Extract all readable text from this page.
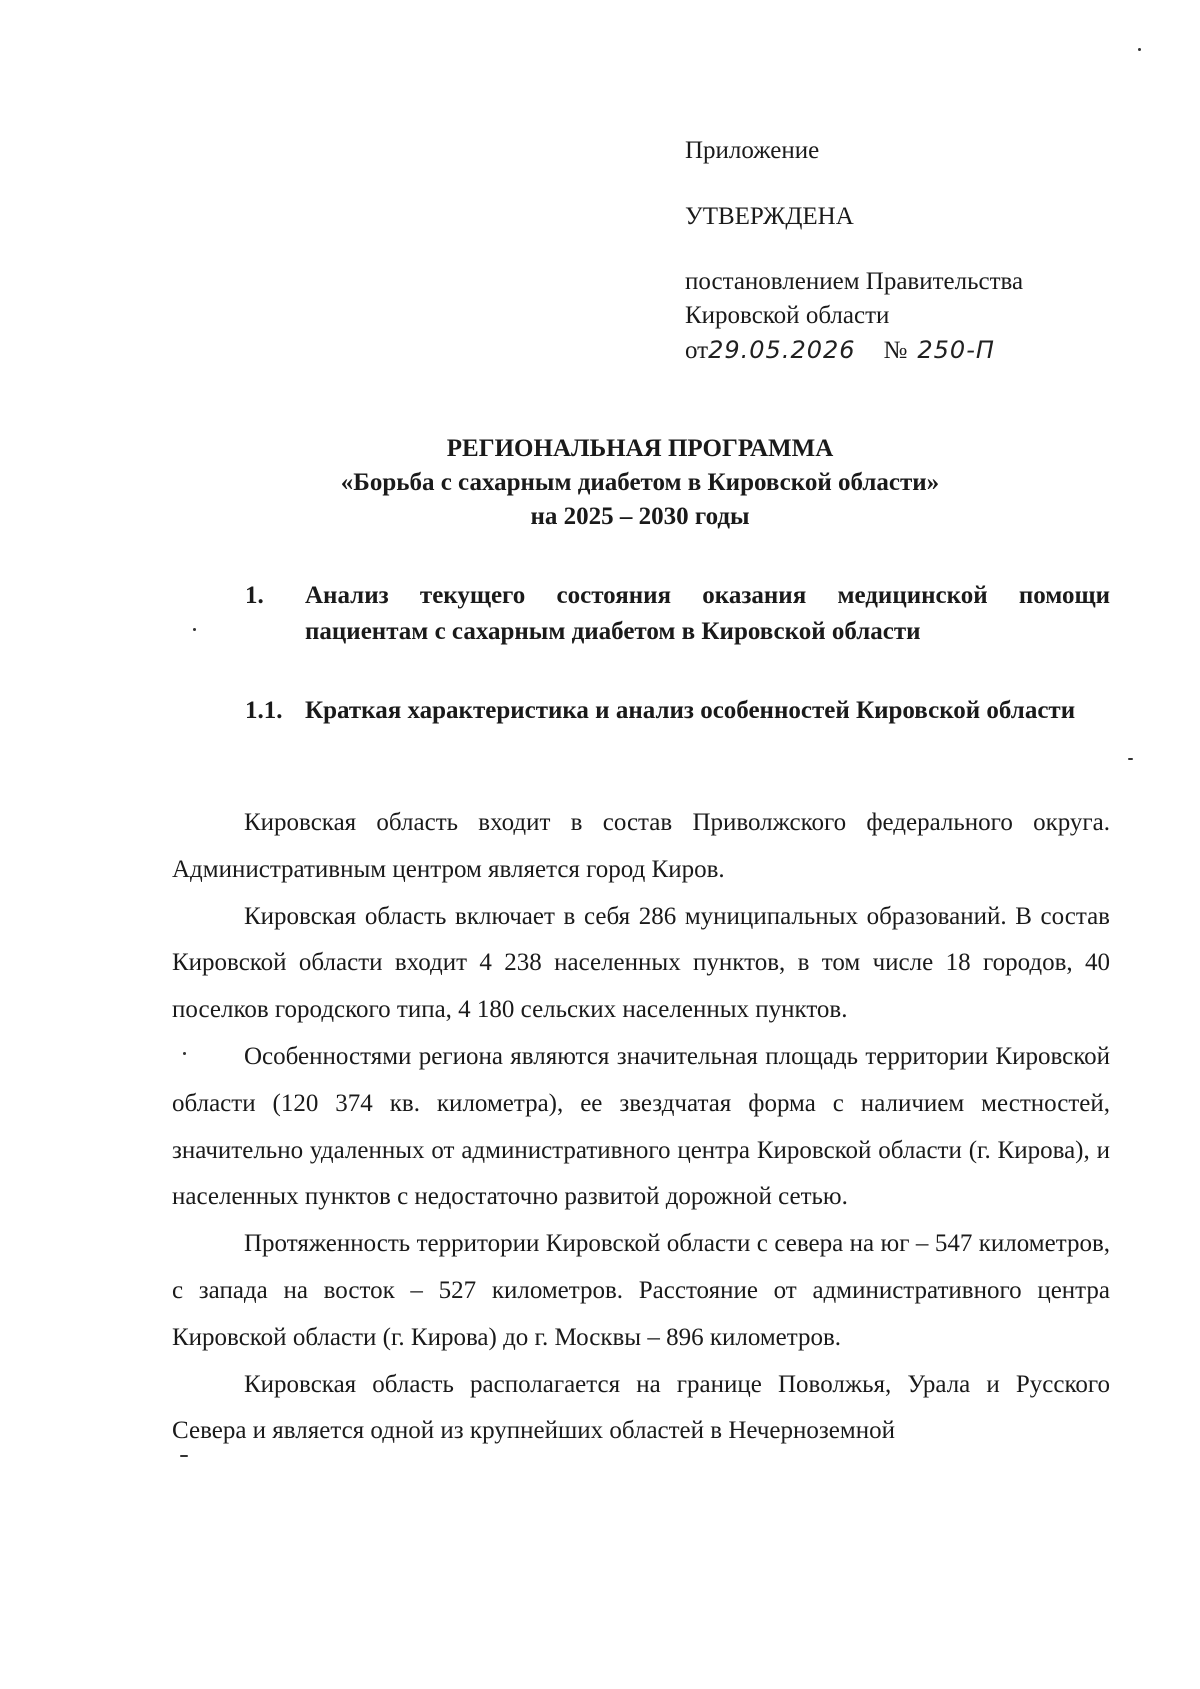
Приложение
УТВЕРЖДЕНА
постановлением Правительства
Кировской области
от29.05.2026 № 250-П
РЕГИОНАЛЬНАЯ ПРОГРАММА
«Борьба с сахарным диабетом в Кировской области»
на 2025 – 2030 годы
1. Анализ текущего состояния оказания медицинской помощи пациентам с сахарным диабетом в Кировской области
1.1. Краткая характеристика и анализ особенностей Кировской области

Кировская область входит в состав Приволжского федерального округа. Административным центром является город Киров.

Кировская область включает в себя 286 муниципальных образований. В состав Кировской области входит 4 238 населенных пунктов, в том числе 18 городов, 40 поселков городского типа, 4 180 сельских населенных пунктов.

Особенностями региона являются значительная площадь территории Кировской области (120 374 кв. километра), ее звездчатая форма с наличием местностей, значительно удаленных от административного центра Кировской области (г. Кирова), и населенных пунктов с недостаточно развитой дорожной сетью.

Протяженность территории Кировской области с севера на юг – 547 километров, с запада на восток – 527 километров. Расстояние от административного центра Кировской области (г. Кирова) до г. Москвы – 896 километров.

Кировская область располагается на границе Поволжья, Урала и Русского Севера и является одной из крупнейших областей в Нечерноземной
